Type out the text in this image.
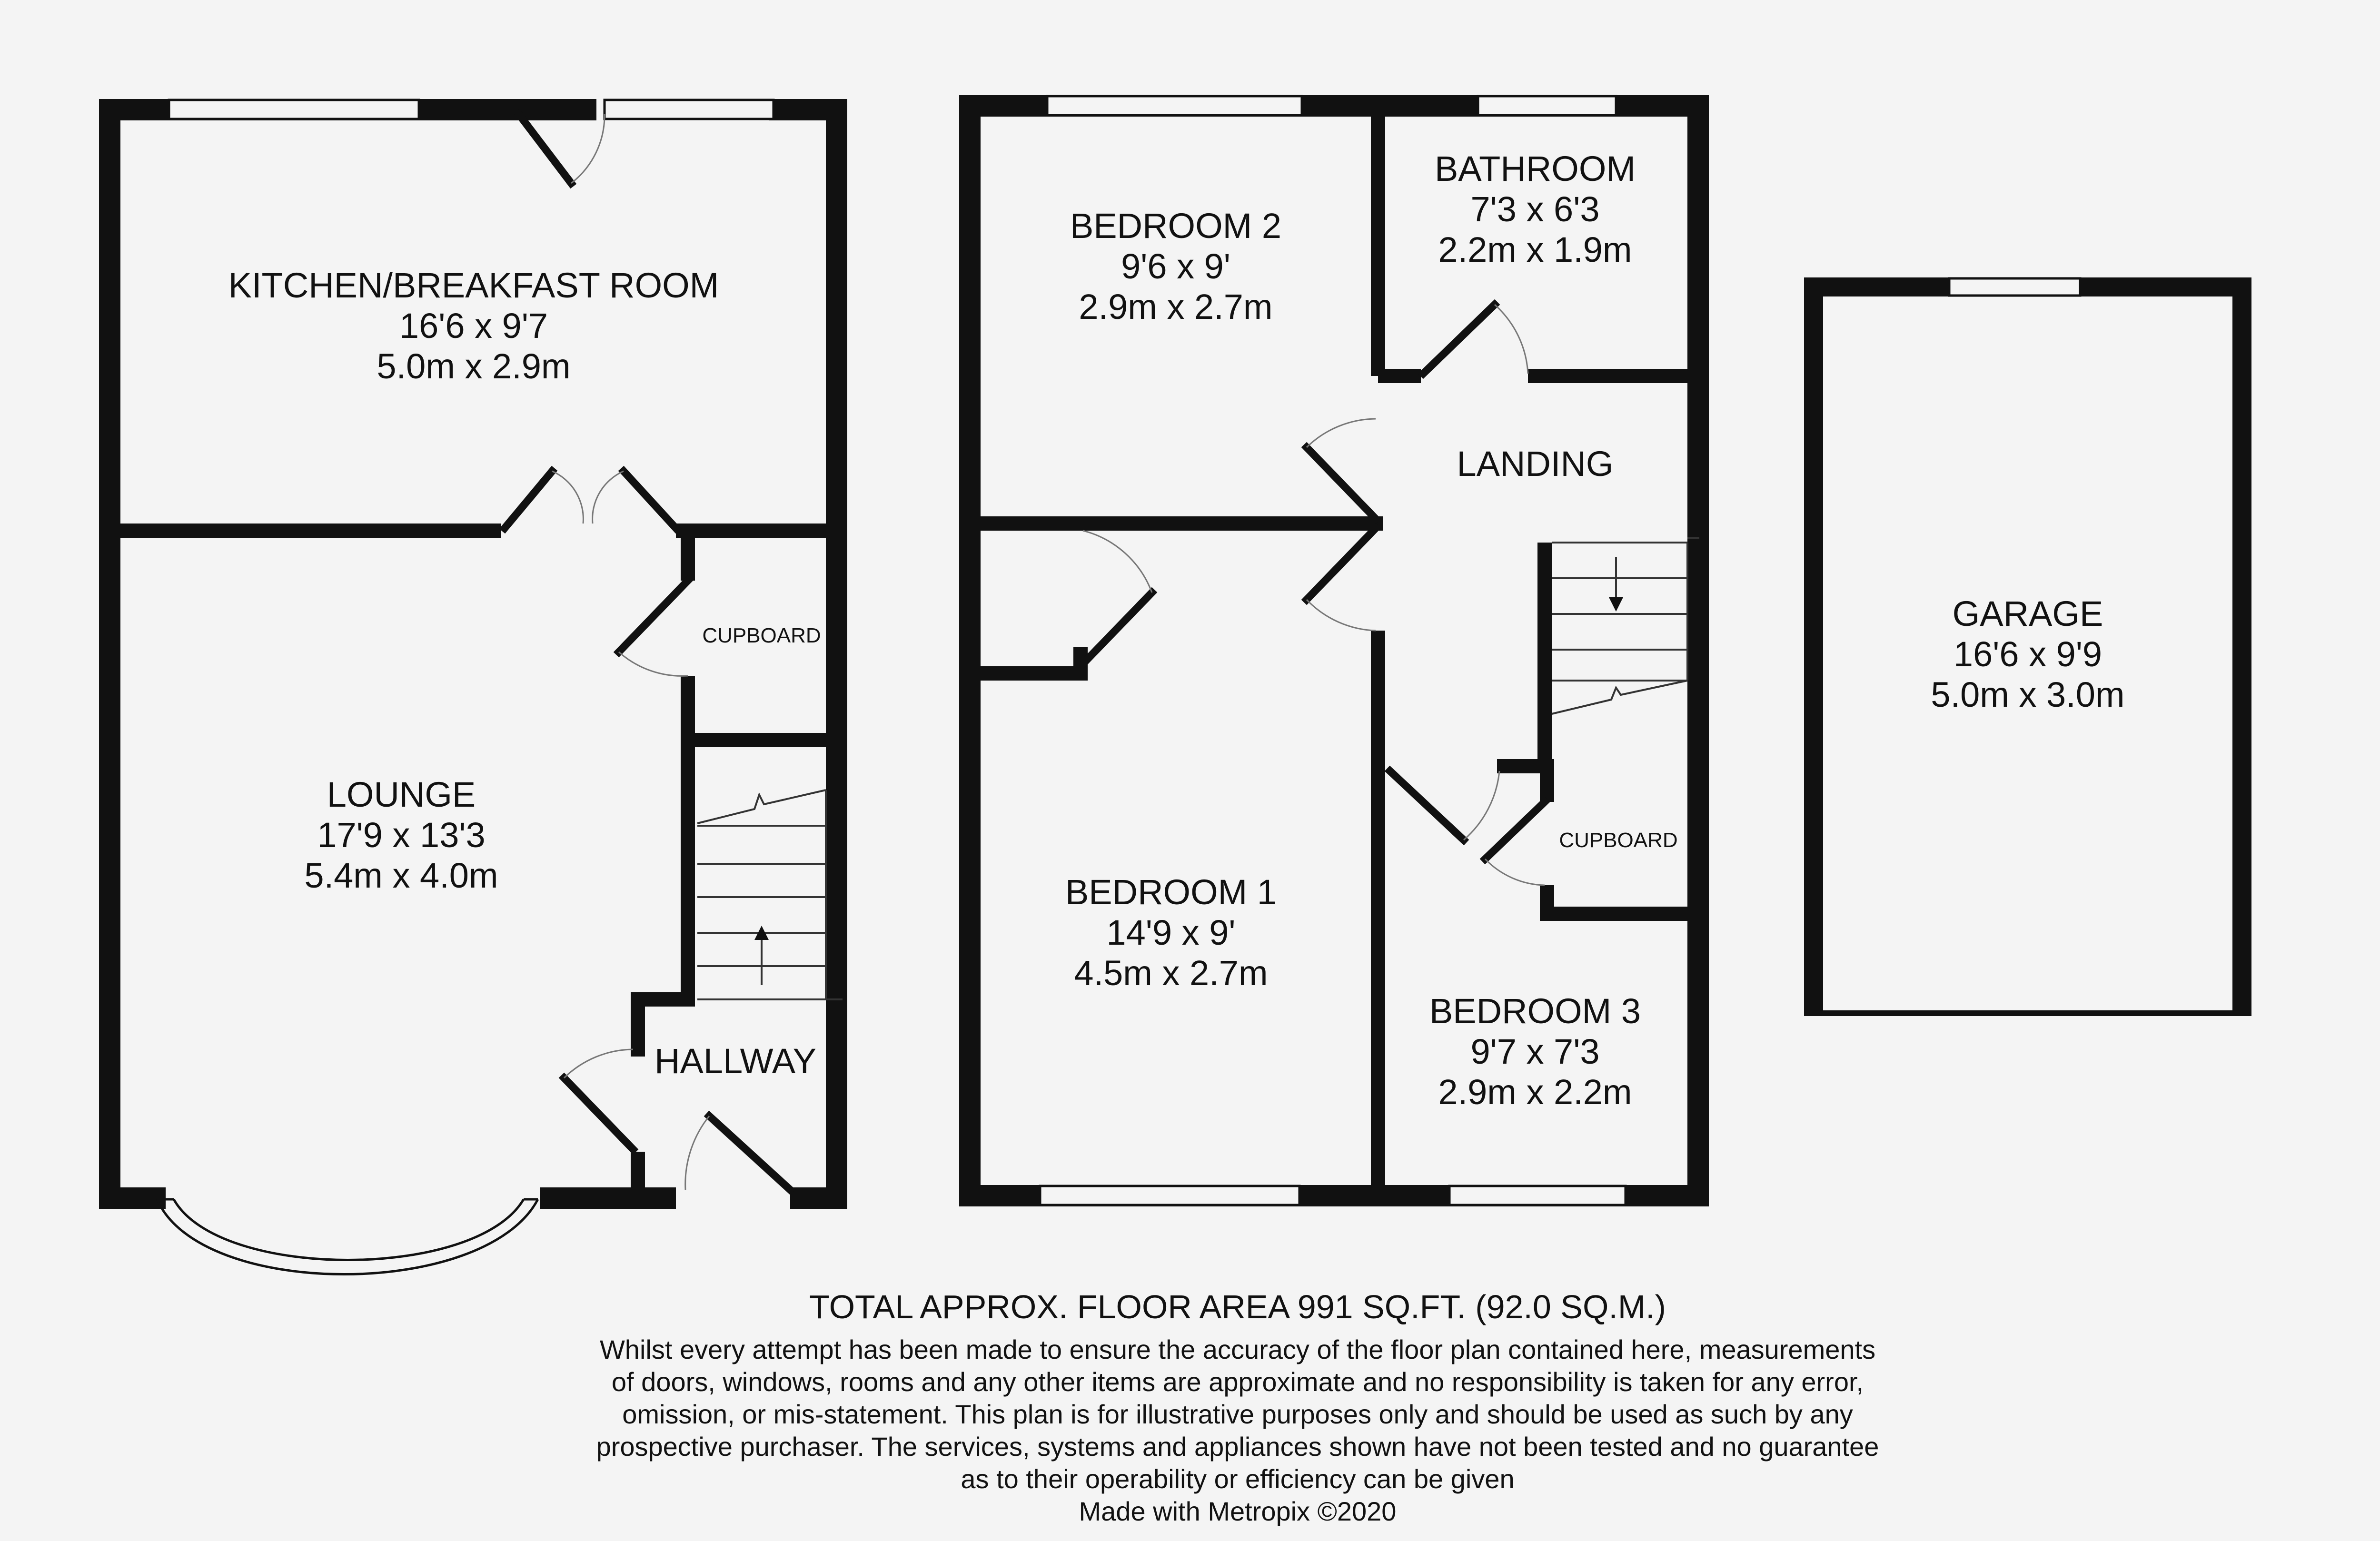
KITCHEN/BREAKFAST ROOM
16'6 x 9'7
5.0m x 2.9m
LOUNGE
17'9 x 13'3
5.4m x 4.0m
CUPBOARD
HALLWAY
BEDROOM 2
9'6 x 9'
2.9m x 2.7m
BATHROOM
7'3 x 6'3
2.2m x 1.9m
LANDING
BEDROOM 1
14'9 x 9'
4.5m x 2.7m
CUPBOARD
BEDROOM 3
9'7 x 7'3
2.9m x 2.2m
GARAGE
16'6 x 9'9
5.0m x 3.0m
TOTAL APPROX. FLOOR AREA 991 SQ.FT. (92.0 SQ.M.)
Whilst every attempt has been made to ensure the accuracy of the floor plan contained here, measurements
of doors, windows, rooms and any other items are approximate and no responsibility is taken for any error,
omission, or mis-statement. This plan is for illustrative purposes only and should be used as such by any
prospective purchaser. The services, systems and appliances shown have not been tested and no guarantee
as to their operability or efficiency can be given
Made with Metropix ©2020
